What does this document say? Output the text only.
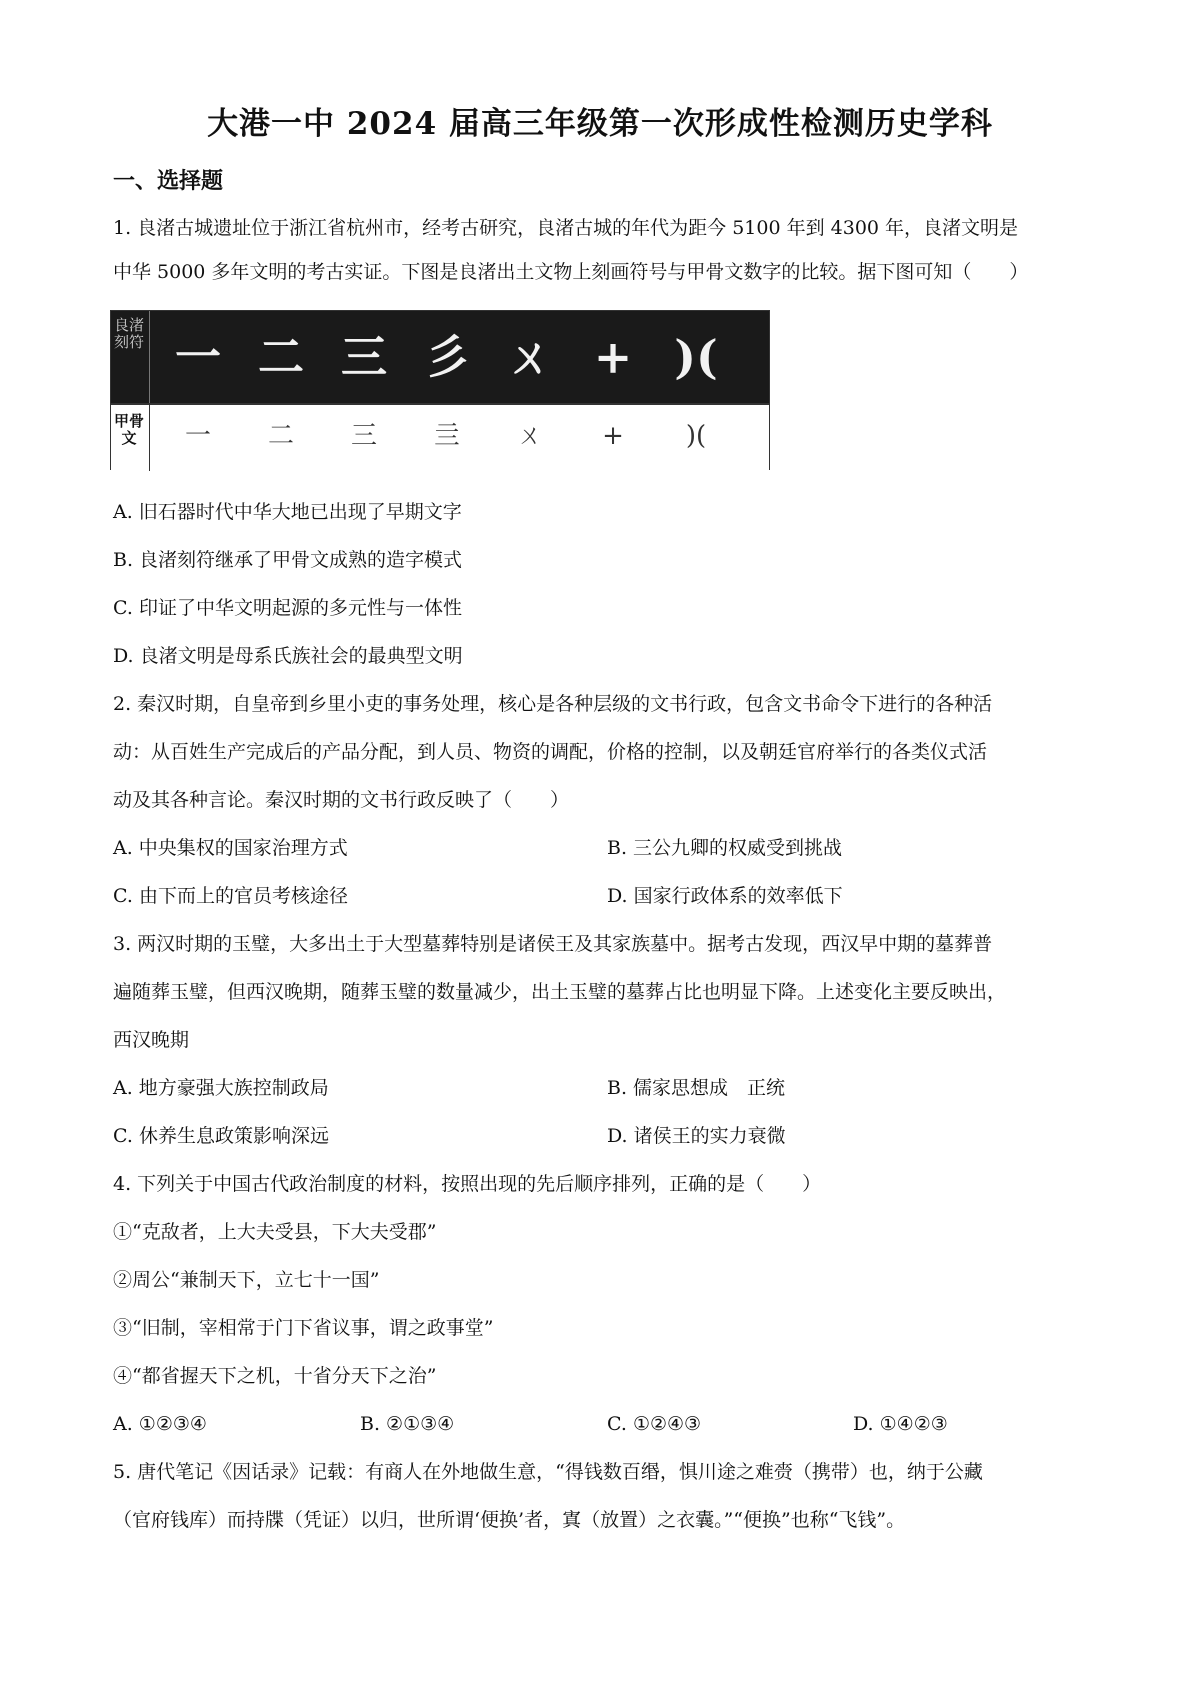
大港一中 2024 届高三年级第一次形成性检测历史学科
一、选择题
1. 良渚古城遗址位于浙江省杭州市，经考古研究，良渚古城的年代为距今 5100 年到 4300 年，良渚文明是
中华 5000 多年文明的考古实证。下图是良渚出土文物上刻画符号与甲骨文数字的比较。据下图可知（　　）
良渚刻符 一 二 三 彡 ㄨ + )(
甲骨文	一	二	三	亖	ㄨ	+	)(
A. 旧石器时代中华大地已出现了早期文字
B. 良渚刻符继承了甲骨文成熟的造字模式
C. 印证了中华文明起源的多元性与一体性
D. 良渚文明是母系氏族社会的最典型文明
2. 秦汉时期，自皇帝到乡里小吏的事务处理，核心是各种层级的文书行政，包含文书命令下进行的各种活
动：从百姓生产完成后的产品分配，到人员、物资的调配，价格的控制，以及朝廷官府举行的各类仪式活
动及其各种言论。秦汉时期的文书行政反映了（　　）
A. 中央集权的国家治理方式	B. 三公九卿的权威受到挑战
C. 由下而上的官员考核途径	D. 国家行政体系的效率低下
3. 两汉时期的玉璧，大多出土于大型墓葬特别是诸侯王及其家族墓中。据考古发现，西汉早中期的墓葬普
遍随葬玉璧，但西汉晚期，随葬玉璧的数量减少，出土玉璧的墓葬占比也明显下降。上述变化主要反映出，
西汉晚期
A. 地方豪强大族控制政局	B. 儒家思想成　正统
C. 休养生息政策影响深远	D. 诸侯王的实力衰微
4. 下列关于中国古代政治制度的材料，按照出现的先后顺序排列，正确的是（　　）
①“克敌者，上大夫受县，下大夫受郡”
②周公“兼制天下，立七十一国”
③“旧制，宰相常于门下省议事，谓之政事堂”
④“都省握天下之机，十省分天下之治”
A. ①②③④	B. ②①③④	C. ①②④③	D. ①④②③
5. 唐代笔记《因话录》记载：有商人在外地做生意，“得钱数百缗，惧川途之难赍（携带）也，纳于公藏
（官府钱库）而持牒（凭证）以归，世所谓‘便换’者，寘（放置）之衣囊。”“便换”也称“飞钱”。
